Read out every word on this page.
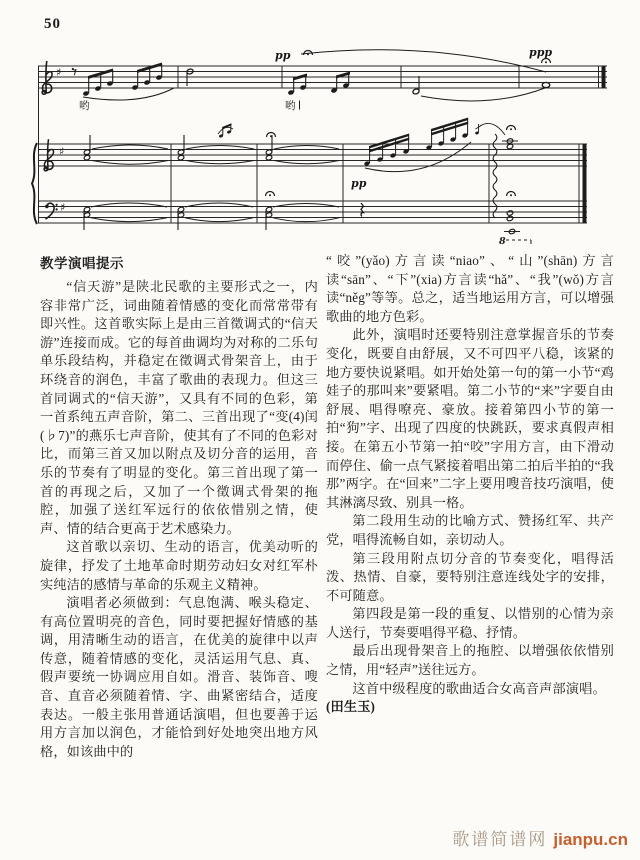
50
♯
哟
pp
哟
ppp
♯
♯
pp
8
教学演唱提示

“信天游”是陕北民歌的主要形式之一，内容非常广泛，词曲随着情感的变化而常常带有即兴性。这首歌实际上是由三首徵调式的“信天游”连接而成。它的每首曲调均为对称的二乐句单乐段结构，并稳定在徵调式骨架音上，由于环绕音的润色，丰富了歌曲的表现力。但这三首同调式的“信天游”，又具有不同的色彩，第一首系纯五声音阶，第二、三首出现了“变(4)闰(♭7)”的燕乐七声音阶，使其有了不同的色彩对比，而第三首又加以附点及切分音的运用，音乐的节奏有了明显的变化。第三首出现了第一首的再现之后，又加了一个徵调式骨架的拖腔，加强了送红军远行的依依惜别之情，使声、情的结合更高于艺术感染力。

这首歌以亲切、生动的语言，优美动听的旋律，抒发了土地革命时期劳动妇女对红军朴实纯洁的感情与革命的乐观主义精神。

演唱者必须做到：气息饱满、喉头稳定、有高位置明亮的音色，同时要把握好情感的基调，用清晰生动的语言，在优美的旋律中以声传意，随着情感的变化，灵活运用气息、真、假声要统一协调应用自如。滑音、装饰音、嗖音、直音必须随着情、字、曲紧密结合，适度表达。一般主张用普通话演唱，但也要善于运用方言加以润色，才能恰到好处地突出地方风格，如该曲中的

“咬”(yǎo)方言读“niao”、“山”(shān)方言读“sān”、“下”(xia)方言读“hǎ”、“我”(wǒ)方言读“něg”等等。总之，适当地运用方言，可以增强歌曲的地方色彩。

此外，演唱时还要特别注意掌握音乐的节奏变化，既要自由舒展，又不可四平八稳，该紧的地方要快说紧唱。如开始处第一句的第一小节“鸡娃子的那叫来”要紧唱。第二小节的“来”字要自由舒展、唱得嘹亮、豪放。接着第四小节的第一拍“狗”字、出现了四度的快跳跃，要求真假声相接。在第五小节第一拍“咬”字用方言，由下滑动而停住、偷一点气紧接着唱出第二拍后半拍的“我那”两字。在“回来”二字上要用嗖音技巧演唱，使其淋漓尽致、别具一格。

第二段用生动的比喻方式、赞扬红军、共产党，唱得流畅自如，亲切动人。

第三段用附点切分音的节奏变化，唱得活泼、热情、自豪，要特别注意连线处字的安排，不可随意。

第四段是第一段的重复、以惜别的心情为亲人送行，节奏要唱得平稳、抒情。

最后出现骨架音上的拖腔、以增强依依惜别之情，用“轻声”送往远方。

这首中级程度的歌曲适合女高音声部演唱。

(田生玉)

歌谱简谱网 jianpu.cn
